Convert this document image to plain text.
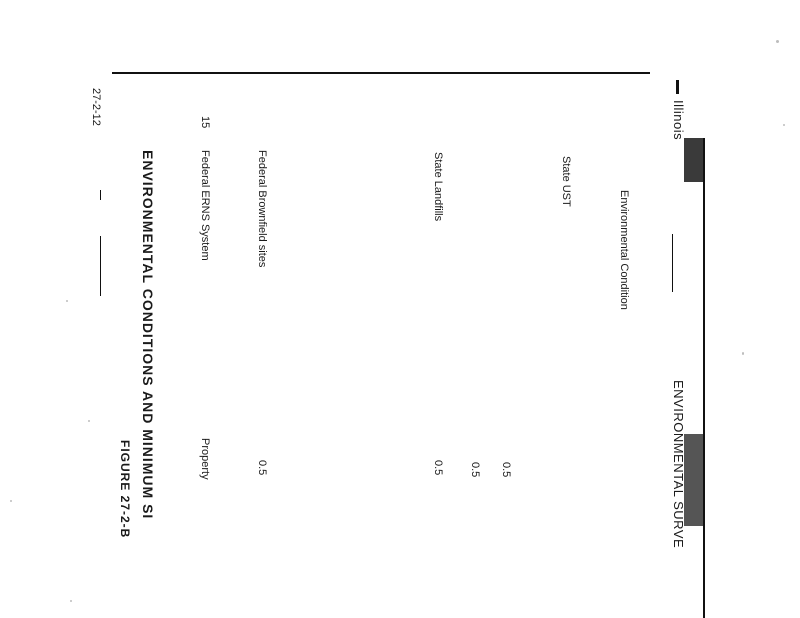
Illinois
ENVIRONMENTAL SURVE
Environmental Condition
State UST
0.5
0.5
State Landfills
0.5
Federal Brownfield sites
0.5
15
Federal ERNS System
Property
ENVIRONMENTAL CONDITIONS AND MINIMUM SI
FIGURE 27-2-B
27-2-12
